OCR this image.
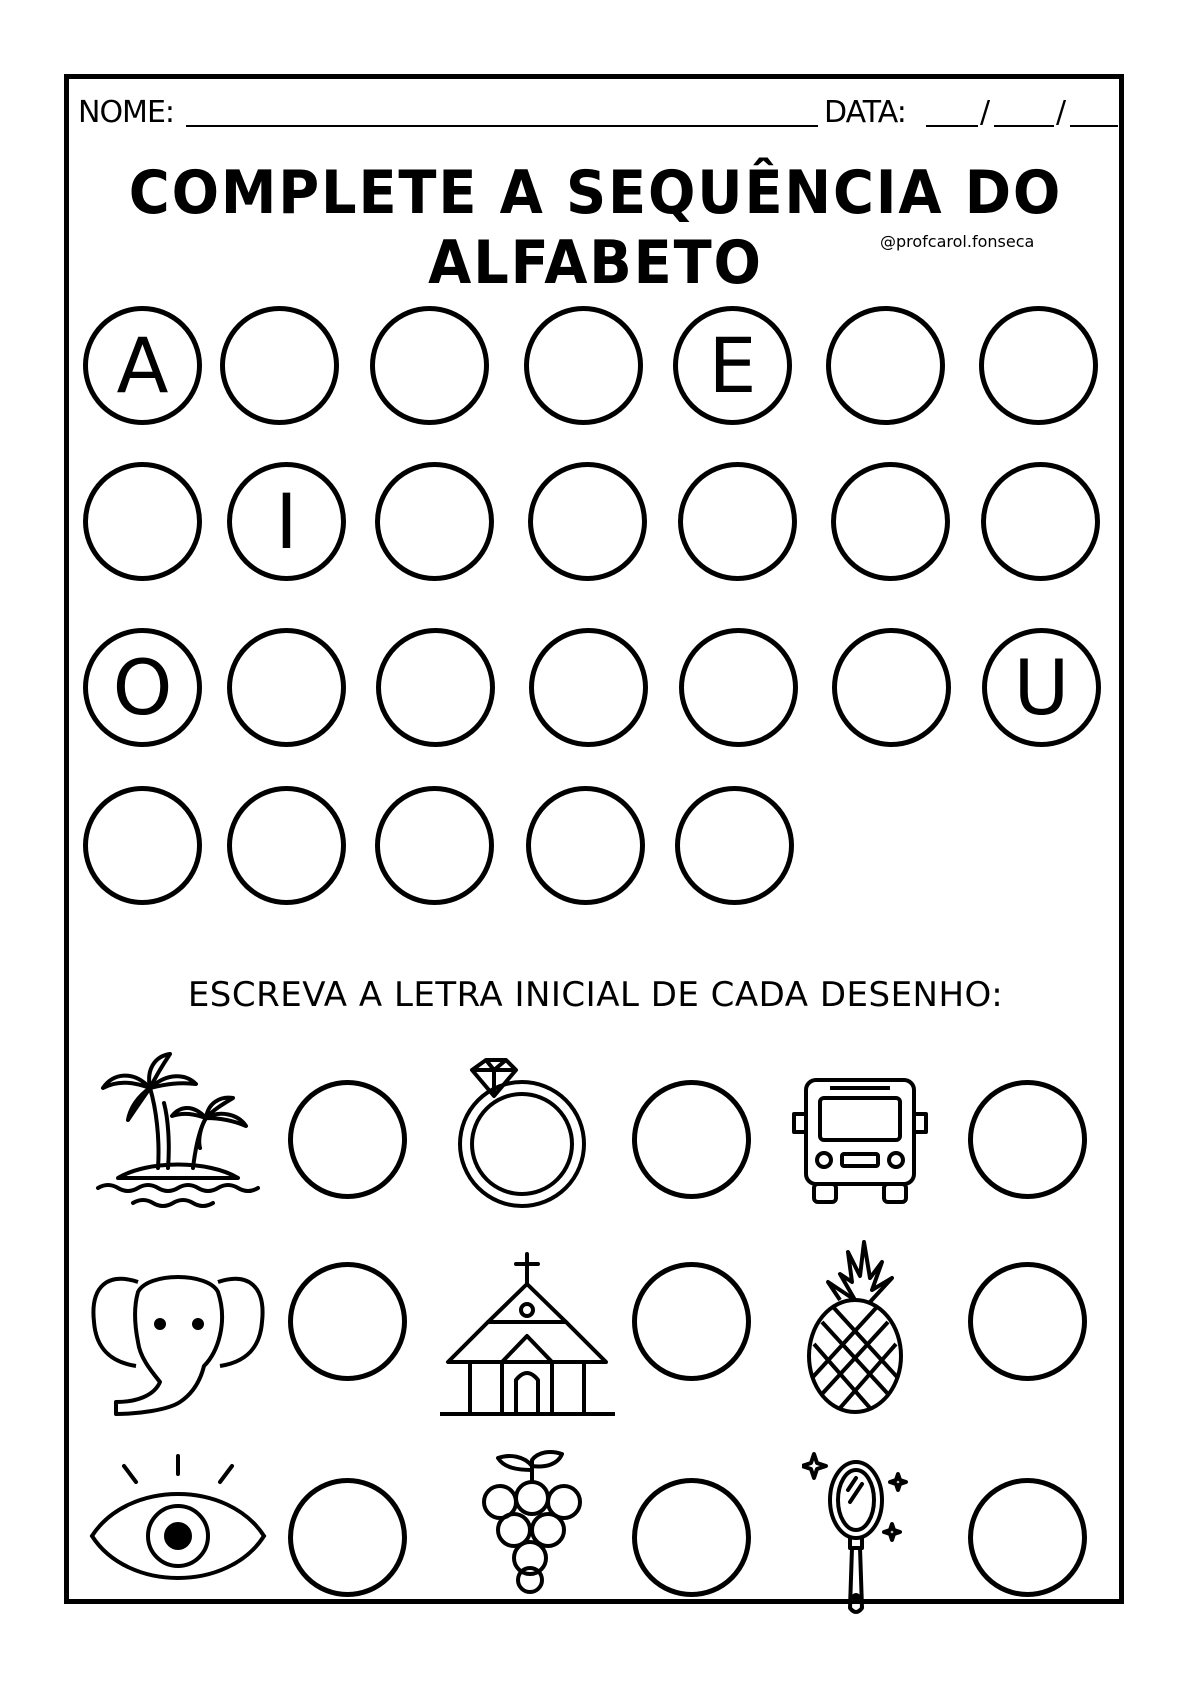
NOME:	DATA: / /
COMPLETE A SEQUÊNCIA DO ALFABETO	@profcarol.fonseca
A	E
I
O	U
ESCREVA A LETRA INICIAL DE CADA DESENHO:
